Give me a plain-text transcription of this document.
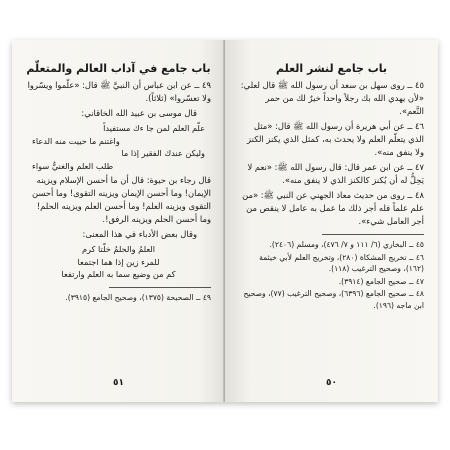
باب جامع في آداب العالم والمتعلّم

٤٩ ــ عن ابن عباس أن النبيَّ ﷺ قال: «علّموا ويسّروا ولا تعسّروا» (ثلاثاً).

قال موسى بن عبيد الله الخاقاني:

علّم العلم لمن جا ءك مستفيداً
واغتنم ما حييت منه الدعاء
وليكن عندك الفقير إذا ما
طلب العلم والغنيُّ سواء

قال رجاء بن حيوة: قال أن ما أحسن الإسلام ويزينه الإيمان! وما أحسن الإيمان ويزينه التقوى! وما أحسن التقوى ويزينه العلم! وما أحسن العلم ويزينه الحلم! وما أحسن الحلم ويزينه الرفق!.

وقال بعض الأدباء في هذا المعنى:

العلمُ والحلمُ خلّتا كرم
للمرء زين إذا هما اجتمعا
كم من وضيع سما به العلم وارتفعا

٤٩ ــ الصحيحة (١٣٧٥)، وصحيح الجامع (٣٩١٥).

٥١
باب جامع لنشر العلم

٤٥ ــ روى سهل بن سعد أن رسول الله ﷺ قال لعلي: «لأن يهدي الله بك رجلاً واحداً خيرٌ لك من حمر النَّعم».

٤٦ ــ عن أبي هريرة أن رسول الله ﷺ قال: «مثل الذي يتعلّم العلم ولا يحدث به، كمثل الذي يكنز الكنز ولا ينفق منه».

٤٧ ــ عن ابن عمر قال: قال رسول الله ﷺ: «نعم لا يَحِلُّ له أن يُكنز كالكنز الذي لا ينفق منه».

٤٨ ــ روى من حديث معاذ الجهني عن النبي ﷺ: «من علم علماً فله أجر ذلك ما عمل به عامل لا ينقص من أجر العامل شيء».

٤٥ ــ البخاري (٦/ ١١١ و ٧/ ٤٧٦)، ومسلم (٢٤٠٦).

٤٦ ــ تخريج المشكاة (٢٨٠)، وتخريج العلم لأبي خيثمة (١٦٢)، وصحيح الترغيب (١١٨).

٤٧ ــ صحيح الجامع (٣٩١٤).

٤٨ ــ صحيح الجامع (٦٣٩٦)، وصحيح الترغيب (٧٧)، وصحيح ابن ماجه (١٩٦).

٥٠
